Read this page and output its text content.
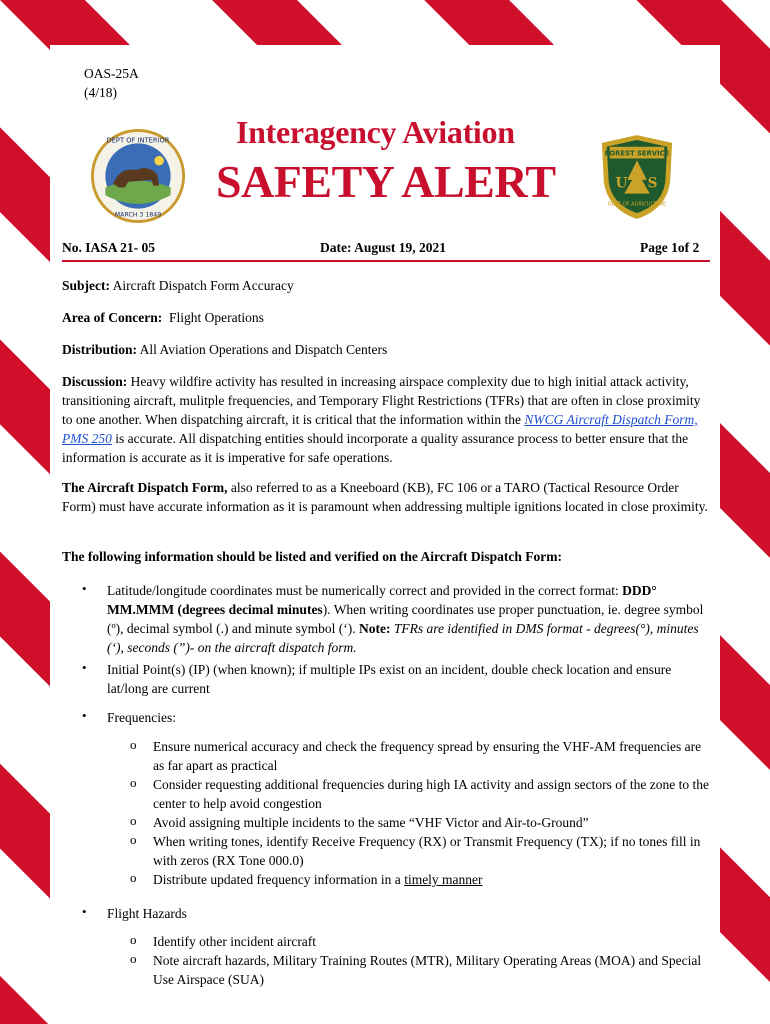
OAS-25A
(4/18)
DEPT OF INTERIOR
MARCH 3 1849
FOREST SERVICE
U S
DEPT OF AGRICULTURE
Interagency Aviation
SAFETY ALERT
No. IASA 21- 05	Date: August 19, 2021	Page 1of 2
Subject: Aircraft Dispatch Form Accuracy
Area of Concern: Flight Operations
Distribution: All Aviation Operations and Dispatch Centers

Discussion: Heavy wildfire activity has resulted in increasing airspace complexity due to high initial attack activity, transitioning aircraft, mulitple frequencies, and Temporary Flight Restrictions (TFRs) that are often in close proximity to one another. When dispatching aircraft, it is critical that the information within the NWCG Aircraft Dispatch Form, PMS 250 is accurate. All dispatching entities should incorporate a quality assurance process to better ensure that the information is accurate as it is imperative for safe operations.

The Aircraft Dispatch Form, also referred to as a Kneeboard (KB), FC 106 or a TARO (Tactical Resource Order Form) must have accurate information as it is paramount when addressing multiple ignitions located in close proximity.

The following information should be listed and verified on the Aircraft Dispatch Form:
• Latitude/longitude coordinates must be numerically correct and provided in the correct format: DDD° MM.MMM (degrees decimal minutes). When writing coordinates use proper punctuation, ie. degree symbol (º), decimal symbol (.) and minute symbol (‘). Note: TFRs are identified in DMS format - degrees(°), minutes (‘), seconds (”)- on the aircraft dispatch form.
• Initial Point(s) (IP) (when known); if multiple IPs exist on an incident, double check location and ensure lat/long are current
• Frequencies:
o Ensure numerical accuracy and check the frequency spread by ensuring the VHF-AM frequencies are as far apart as practical
o Consider requesting additional frequencies during high IA activity and assign sectors of the zone to the center to help avoid congestion
o Avoid assigning multiple incidents to the same “VHF Victor and Air-to-Ground”
o When writing tones, identify Receive Frequency (RX) or Transmit Frequency (TX); if no tones fill in with zeros (RX Tone 000.0)
o Distribute updated frequency information in a timely manner
• Flight Hazards
o Identify other incident aircraft
o Note aircraft hazards, Military Training Routes (MTR), Military Operating Areas (MOA) and Special Use Airspace (SUA)
